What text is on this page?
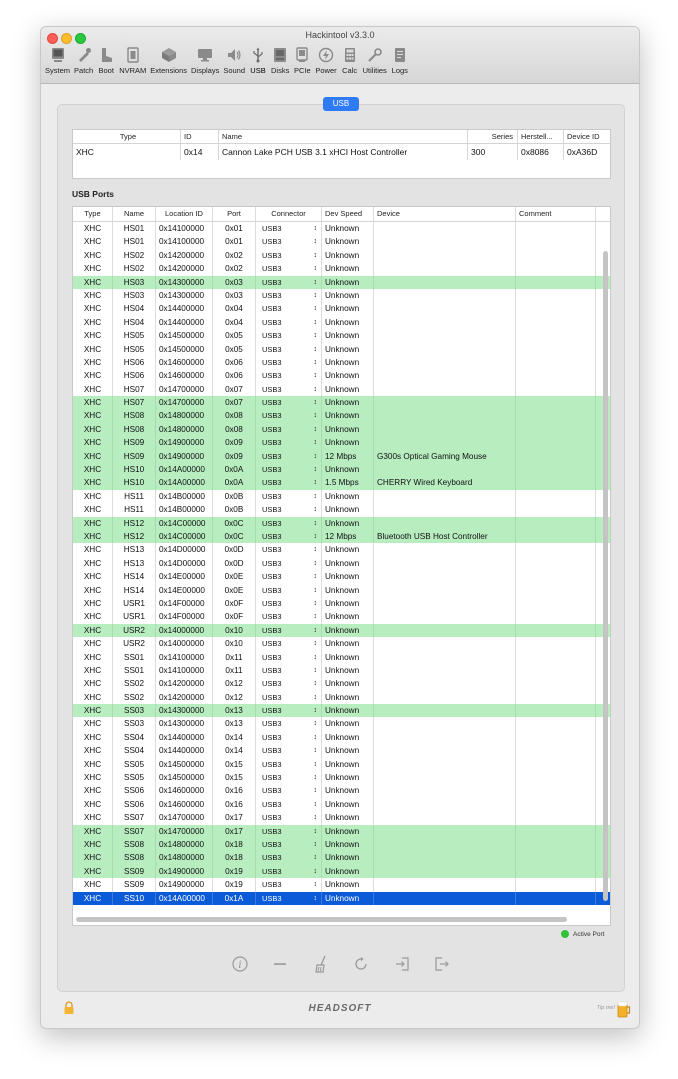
Hackintool v3.3.0
System Patch Boot NVRAM Extensions Displays Sound USB Disks PCIe Power Calc Utilities Logs
USB
Type	ID	Name	Series	Herstell...	Device ID
XHC	0x14	Cannon Lake PCH USB 3.1 xHCI Host Controller	300	0x8086	0xA36D
USB Ports
Type	Name	Location ID	Port	Connector	Dev Speed	Device	Comment
XHC	HS01	0x14100000	0x01	USB3	↕ Unknown
XHC	HS01	0x14100000	0x01	USB3	↕ Unknown
XHC	HS02	0x14200000	0x02	USB3	↕ Unknown
XHC	HS02	0x14200000	0x02	USB3	↕ Unknown
XHC	HS03	0x14300000	0x03	USB3	↕ Unknown
XHC	HS03	0x14300000	0x03	USB3	↕ Unknown
XHC	HS04	0x14400000	0x04	USB3	↕ Unknown
XHC	HS04	0x14400000	0x04	USB3	↕ Unknown
XHC	HS05	0x14500000	0x05	USB3	↕ Unknown
XHC	HS05	0x14500000	0x05	USB3	↕ Unknown
XHC	HS06	0x14600000	0x06	USB3	↕ Unknown
XHC	HS06	0x14600000	0x06	USB3	↕ Unknown
XHC	HS07	0x14700000	0x07	USB3	↕ Unknown
XHC	HS07	0x14700000	0x07	USB3	↕ Unknown
XHC	HS08	0x14800000	0x08	USB3	↕ Unknown
XHC	HS08	0x14800000	0x08	USB3	↕ Unknown
XHC	HS09	0x14900000	0x09	USB3	↕ Unknown
XHC	HS09	0x14900000	0x09	USB3	↕ 12 Mbps	G300s Optical Gaming Mouse
XHC	HS10	0x14A00000	0x0A	USB3	↕ Unknown
XHC	HS10	0x14A00000	0x0A	USB3	↕ 1.5 Mbps	CHERRY Wired Keyboard
XHC	HS11	0x14B00000	0x0B	USB3	↕ Unknown
XHC	HS11	0x14B00000	0x0B	USB3	↕ Unknown
XHC	HS12	0x14C00000	0x0C	USB3	↕ Unknown
XHC	HS12	0x14C00000	0x0C	USB3	↕ 12 Mbps	Bluetooth USB Host Controller
XHC	HS13	0x14D00000	0x0D	USB3	↕ Unknown
XHC	HS13	0x14D00000	0x0D	USB3	↕ Unknown
XHC	HS14	0x14E00000	0x0E	USB3	↕ Unknown
XHC	HS14	0x14E00000	0x0E	USB3	↕ Unknown
XHC	USR1	0x14F00000	0x0F	USB3	↕ Unknown
XHC	USR1	0x14F00000	0x0F	USB3	↕ Unknown
XHC	USR2	0x14000000	0x10	USB3	↕ Unknown
XHC	USR2	0x14000000	0x10	USB3	↕ Unknown
XHC	SS01	0x14100000	0x11	USB3	↕ Unknown
XHC	SS01	0x14100000	0x11	USB3	↕ Unknown
XHC	SS02	0x14200000	0x12	USB3	↕ Unknown
XHC	SS02	0x14200000	0x12	USB3	↕ Unknown
XHC	SS03	0x14300000	0x13	USB3	↕ Unknown
XHC	SS03	0x14300000	0x13	USB3	↕ Unknown
XHC	SS04	0x14400000	0x14	USB3	↕ Unknown
XHC	SS04	0x14400000	0x14	USB3	↕ Unknown
XHC	SS05	0x14500000	0x15	USB3	↕ Unknown
XHC	SS05	0x14500000	0x15	USB3	↕ Unknown
XHC	SS06	0x14600000	0x16	USB3	↕ Unknown
XHC	SS06	0x14600000	0x16	USB3	↕ Unknown
XHC	SS07	0x14700000	0x17	USB3	↕ Unknown
XHC	SS07	0x14700000	0x17	USB3	↕ Unknown
XHC	SS08	0x14800000	0x18	USB3	↕ Unknown
XHC	SS08	0x14800000	0x18	USB3	↕ Unknown
XHC	SS09	0x14900000	0x19	USB3	↕ Unknown
XHC	SS09	0x14900000	0x19	USB3	↕ Unknown
XHC	SS10	0x14A00000	0x1A	USB3	↕ Unknown
Active Port
i
HEADSOFT	Tip me!
